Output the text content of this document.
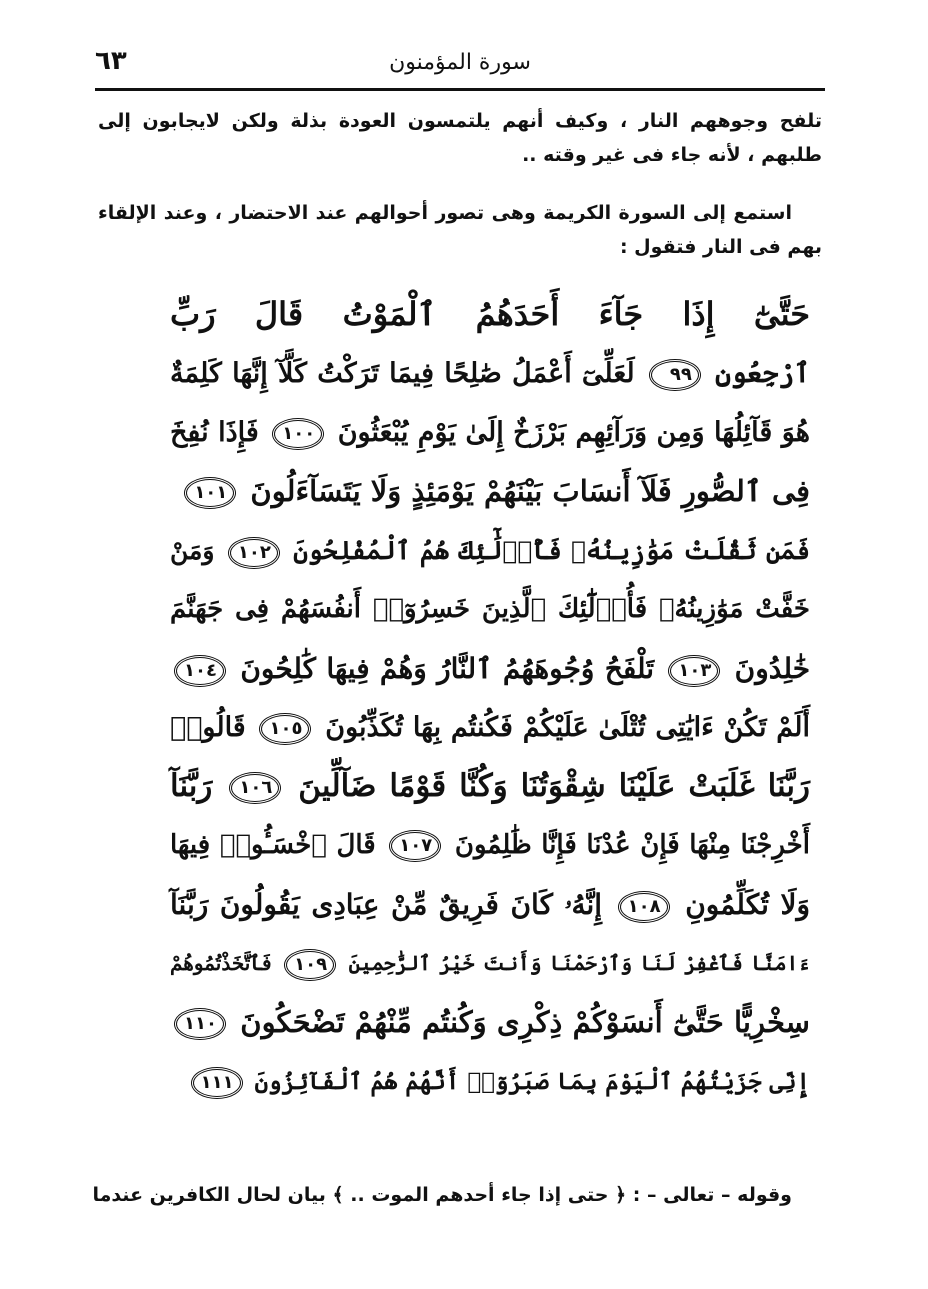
٦٣	سورة المؤمنون

تلفح وجوههم النار ، وكيف أنهم يلتمسون العودة بذلة ولكن لايجابون إلى طلبهم ، لأنه جاء فى غير وقته ..

استمع إلى السورة الكريمة وهى تصور أحوالهم عند الاحتضار ، وعند الإلقاء بهم فى النار فتقول :

حَتَّىٰٓ إِذَا جَآءَ أَحَدَهُمُ ٱلْمَوْتُ قَالَ رَبِّ
ٱرْجِعُونِ ٩٩ لَعَلِّىٓ أَعْمَلُ صَٰلِحًا فِيمَا تَرَكْتُ كَلَّآ إِنَّهَا كَلِمَةٌ
هُوَ قَآئِلُهَا وَمِن وَرَآئِهِم بَرْزَخٌ إِلَىٰ يَوْمِ يُبْعَثُونَ ١٠٠ فَإِذَا نُفِخَ
فِى ٱلصُّورِ فَلَآ أَنسَابَ بَيْنَهُمْ يَوْمَئِذٍ وَلَا يَتَسَآءَلُونَ ١٠١
فَمَن ثَقُلَتْ مَوَٰزِينُهُۥ فَأُو۟لَٰٓئِكَ هُمُ ٱلْمُفْلِحُونَ ١٠٢ وَمَنْ
خَفَّتْ مَوَٰزِينُهُۥ فَأُو۟لَٰٓئِكَ ٱلَّذِينَ خَسِرُوٓا۟ أَنفُسَهُمْ فِى جَهَنَّمَ
خَٰلِدُونَ ١٠٣ تَلْفَحُ وُجُوهَهُمُ ٱلنَّارُ وَهُمْ فِيهَا كَٰلِحُونَ ١٠٤
أَلَمْ تَكُنْ ءَايَٰتِى تُتْلَىٰ عَلَيْكُمْ فَكُنتُم بِهَا تُكَذِّبُونَ ١٠٥ قَالُوا۟
رَبَّنَا غَلَبَتْ عَلَيْنَا شِقْوَتُنَا وَكُنَّا قَوْمًا ضَآلِّينَ ١٠٦ رَبَّنَآ
أَخْرِجْنَا مِنْهَا فَإِنْ عُدْنَا فَإِنَّا ظَٰلِمُونَ ١٠٧ قَالَ ٱخْسَـُٔوا۟ فِيهَا
وَلَا تُكَلِّمُونِ ١٠٨ إِنَّهُۥ كَانَ فَرِيقٌ مِّنْ عِبَادِى يَقُولُونَ رَبَّنَآ
ءَامَنَّا فَٱغْفِرْ لَنَا وَٱرْحَمْنَا وَأَنتَ خَيْرُ ٱلرَّٰحِمِينَ ١٠٩ فَٱتَّخَذْتُمُوهُمْ
سِخْرِيًّا حَتَّىٰٓ أَنسَوْكُمْ ذِكْرِى وَكُنتُم مِّنْهُمْ تَضْحَكُونَ ١١٠
إِنِّى جَزَيْتُهُمُ ٱلْيَوْمَ بِمَا صَبَرُوٓا۟ أَنَّهُمْ هُمُ ٱلْفَآئِزُونَ ١١١
وقوله – تعالى – : ﴿ حتى إذا جاء أحدهم الموت .. ﴾ بيان لحال الكافرين عندما
